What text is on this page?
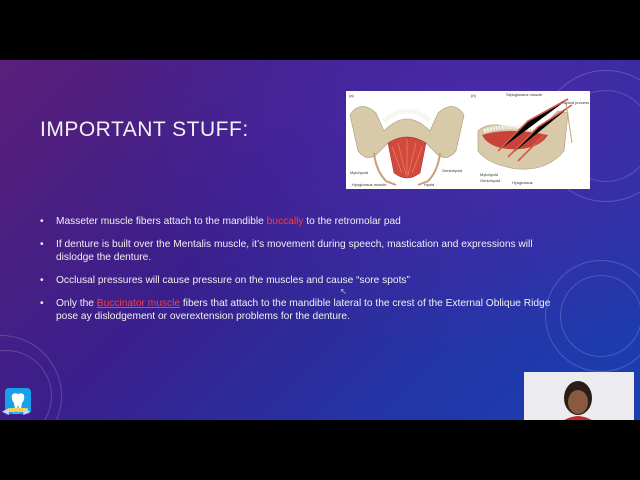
IMPORTANT STUFF:
(a)
Mylohyoid
Hyoglossus muscle
Geniohyoid
Hyoid
(b)	Styloglossus muscle
Styloid process
Mylohyoid
Geniohyoid	Hyoglossus
• Masseter muscle fibers attach to the mandible buccally to the retromolar pad
• If denture is built over the Mentalis muscle, it’s movement during speech, mastication and expressions will dislodge the denture.
• Occlusal pressures will cause pressure on the muscles and cause “sore spots”
• Only the Buccinator muscle fibers that attach to the mandible lateral to the crest of the External Oblique Ridge pose ay dislodgement or overextension problems for the denture.
↖
◀ □ ▶
